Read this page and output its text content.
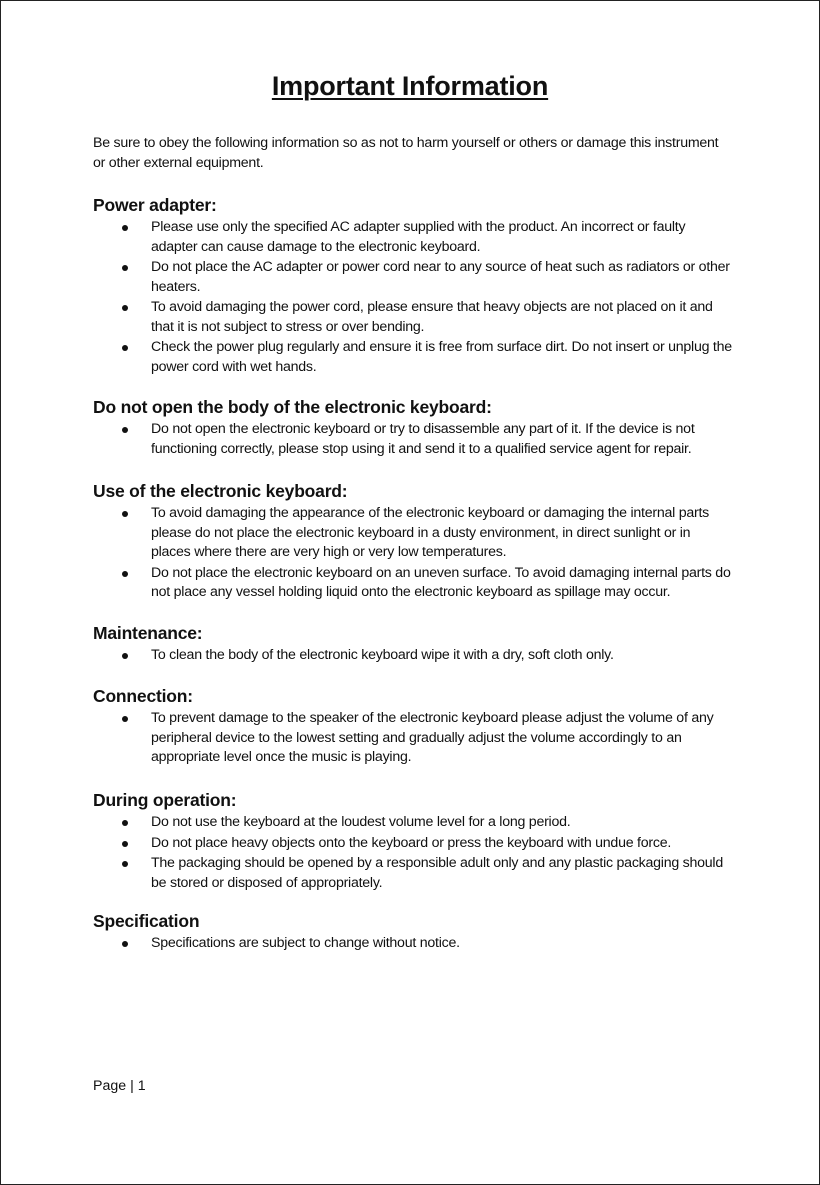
Important Information
Be sure to obey the following information so as not to harm yourself or others or damage this instrument or other external equipment.
Power adapter:
Please use only the specified AC adapter supplied with the product. An incorrect or faulty adapter can cause damage to the electronic keyboard.
Do not place the AC adapter or power cord near to any source of heat such as radiators or other heaters.
To avoid damaging the power cord, please ensure that heavy objects are not placed on it and that it is not subject to stress or over bending.
Check the power plug regularly and ensure it is free from surface dirt. Do not insert or unplug the power cord with wet hands.
Do not open the body of the electronic keyboard:
Do not open the electronic keyboard or try to disassemble any part of it. If the device is not functioning correctly, please stop using it and send it to a qualified service agent for repair.
Use of the electronic keyboard:
To avoid damaging the appearance of the electronic keyboard or damaging the internal parts please do not place the electronic keyboard in a dusty environment, in direct sunlight or in places where there are very high or very low temperatures.
Do not place the electronic keyboard on an uneven surface. To avoid damaging internal parts do not place any vessel holding liquid onto the electronic keyboard as spillage may occur.
Maintenance:
To clean the body of the electronic keyboard wipe it with a dry, soft cloth only.
Connection:
To prevent damage to the speaker of the electronic keyboard please adjust the volume of any peripheral device to the lowest setting and gradually adjust the volume accordingly to an appropriate level once the music is playing.
During operation:
Do not use the keyboard at the loudest volume level for a long period.
Do not place heavy objects onto the keyboard or press the keyboard with undue force.
The packaging should be opened by a responsible adult only and any plastic packaging should be stored or disposed of appropriately.
Specification
Specifications are subject to change without notice.
Page | 1
